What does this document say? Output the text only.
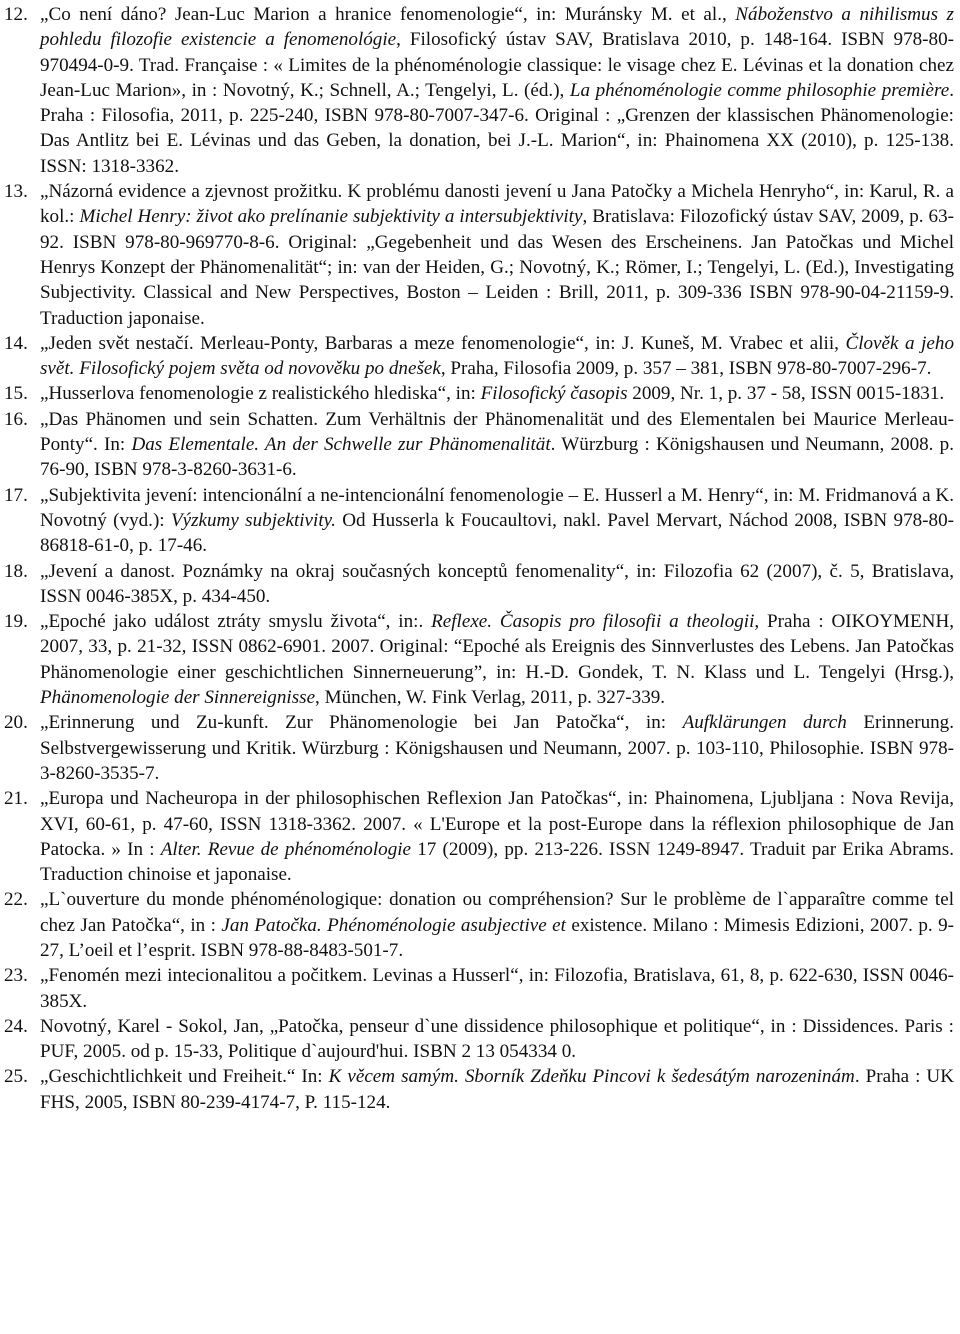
12. „Co není dáno? Jean-Luc Marion a hranice fenomenologie“, in: Muránsky M. et al., Náboženstvo a nihilismus z pohledu filozofie existencie a fenomenológie, Filosofický ústav SAV, Bratislava 2010, p. 148-164. ISBN 978-80-970494-0-9. Trad. Française : « Limites de la phénoménologie classique: le visage chez E. Lévinas et la donation chez Jean-Luc Marion», in : Novotný, K.; Schnell, A.; Tengelyi, L. (éd.), La phénoménologie comme philosophie première. Praha : Filosofia, 2011, p. 225-240, ISBN 978-80-7007-347-6. Original : „Grenzen der klassischen Phänomenologie: Das Antlitz bei E. Lévinas und das Geben, la donation, bei J.-L. Marion“, in: Phainomena XX (2010), p. 125-138. ISSN: 1318-3362.
13. „Názorná evidence a zjevnost prožitku. K problému danosti jevení u Jana Patočky a Michela Henryho“, in: Karul, R. a kol.: Michel Henry: život ako prelínanie subjektivity a intersubjektivity, Bratislava: Filozofický ústav SAV, 2009, p. 63-92. ISBN 978-80-969770-8-6. Original: „Gegebenheit und das Wesen des Erscheinens. Jan Patočkas und Michel Henrys Konzept der Phänomenalität“; in: van der Heiden, G.; Novotný, K.; Römer, I.; Tengelyi, L. (Ed.), Investigating Subjectivity. Classical and New Perspectives, Boston – Leiden : Brill, 2011, p. 309-336 ISBN 978-90-04-21159-9. Traduction japonaise.
14. „Jeden svět nestačí. Merleau-Ponty, Barbaras a meze fenomenologie“, in: J. Kuneš, M. Vrabec et alii, Člověk a jeho svět. Filosofický pojem světa od novověku po dnešek, Praha, Filosofia 2009, p. 357 – 381, ISBN 978-80-7007-296-7.
15. „Husserlova fenomenologie z realistického hlediska“, in: Filosofický časopis 2009, Nr. 1, p. 37 - 58, ISSN 0015-1831.
16. „Das Phänomen und sein Schatten. Zum Verhältnis der Phänomenalität und des Elementalen bei Maurice Merleau-Ponty“. In: Das Elementale. An der Schwelle zur Phänomenalität. Würzburg : Königshausen und Neumann, 2008. p. 76-90, ISBN 978-3-8260-3631-6.
17. „Subjektivita jevení: intencionální a ne-intencionální fenomenologie – E. Husserl a M. Henry“, in: M. Fridmanová a K. Novotný (vyd.): Výzkumy subjektivity. Od Husserla k Foucaultovi, nakl. Pavel Mervart, Náchod 2008, ISBN 978-80-86818-61-0, p. 17-46.
18. „Jevení a danost. Poznámky na okraj současných konceptů fenomenality“, in: Filozofia 62 (2007), č. 5, Bratislava, ISSN 0046-385X, p. 434-450.
19. „Epoché jako událost ztráty smyslu života“, in:. Reflexe. Časopis pro filosofii a theologii, Praha : OIKOYMENH, 2007, 33, p. 21-32, ISSN 0862-6901. 2007. Original: “Epoché als Ereignis des Sinnverlustes des Lebens. Jan Patočkas Phänomenologie einer geschichtlichen Sinnerneuerung”, in: H.-D. Gondek, T. N. Klass und L. Tengelyi (Hrsg.), Phänomenologie der Sinnereignisse, München, W. Fink Verlag, 2011, p. 327-339.
20. „Erinnerung und Zu-kunft. Zur Phänomenologie bei Jan Patočka“, in: Aufklärungen durch Erinnerung. Selbstvergewisserung und Kritik. Würzburg : Königshausen und Neumann, 2007. p. 103-110, Philosophie. ISBN 978-3-8260-3535-7.
21. „Europa und Nacheuropa in der philosophischen Reflexion Jan Patočkas“, in: Phainomena, Ljubljana : Nova Revija, XVI, 60-61, p. 47-60, ISSN 1318-3362. 2007. « L'Europe et la post-Europe dans la réflexion philosophique de Jan Patocka. » In : Alter. Revue de phénoménologie 17 (2009), pp. 213-226. ISSN 1249-8947. Traduit par Erika Abrams. Traduction chinoise et japonaise.
22. „L`ouverture du monde phénoménologique: donation ou compréhension? Sur le problème de l`apparaître comme tel chez Jan Patočka“, in : Jan Patočka. Phénoménologie asubjective et existence. Milano : Mimesis Edizioni, 2007. p. 9-27, L’oeil et l’esprit. ISBN 978-88-8483-501-7.
23. „Fenomén mezi intecionalitou a počitkem. Levinas a Husserl“, in: Filozofia, Bratislava, 61, 8, p. 622-630, ISSN 0046-385X.
24. Novotný, Karel - Sokol, Jan, „Patočka, penseur d`une dissidence philosophique et politique“, in : Dissidences. Paris : PUF, 2005. od p. 15-33, Politique d`aujourd'hui. ISBN 2 13 054334 0.
25. „Geschichtlichkeit und Freiheit.“ In: K věcem samým. Sborník Zdeňku Pincovi k šedesátým narozeninám. Praha : UK FHS, 2005, ISBN 80-239-4174-7, P. 115-124.
